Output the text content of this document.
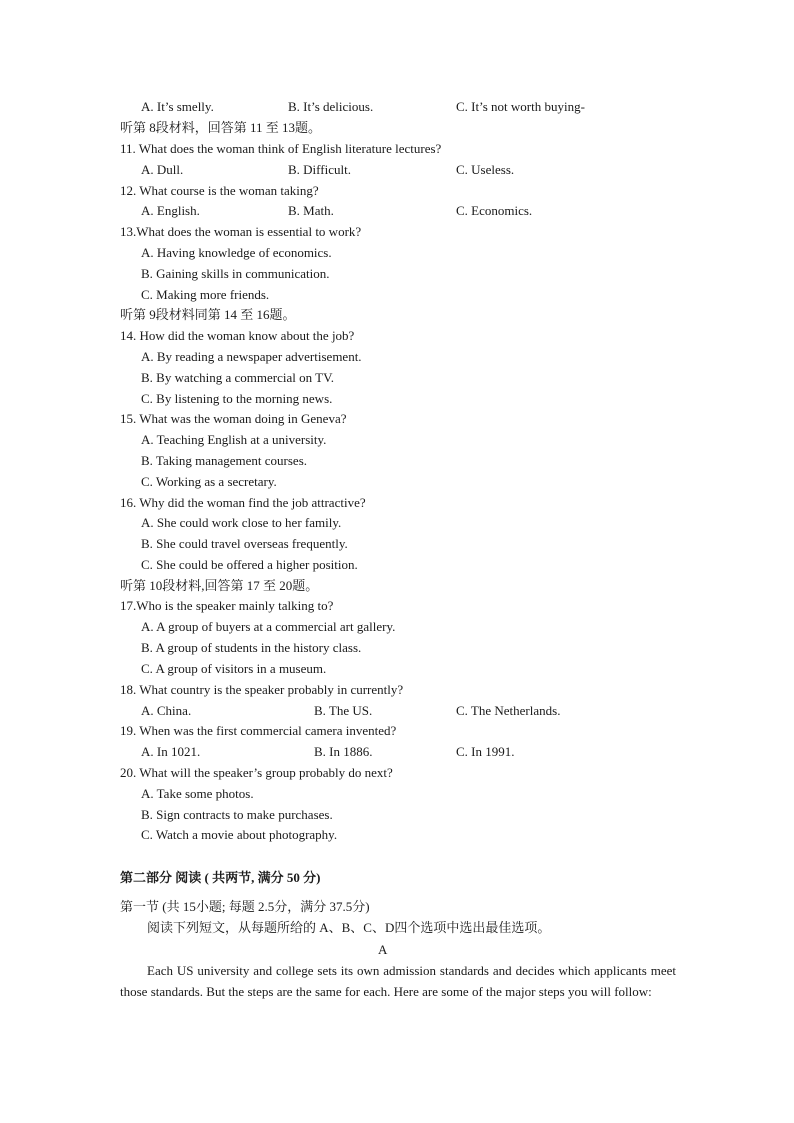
A. It’s smelly.	B. It’s delicious.	C. It’s not worth buying-
听第 8段材料，回答第 11 至 13题。
11. What does the woman think of English literature lectures?
A. Dull.	B. Difficult.	C. Useless.
12. What course is the woman taking?
A. English.	B. Math.	C. Economics.
13.What does the woman is essential to work?
A. Having knowledge of economics.
B. Gaining skills in communication.
C. Making more friends.
听第 9段材料同第 14 至 16题。
14. How did the woman know about the job?
A. By reading a newspaper advertisement.
B. By watching a commercial on TV.
C. By listening to the morning news.
15. What was the woman doing in Geneva?
A. Teaching English at a university.
B. Taking management courses.
C. Working as a secretary.
16. Why did the woman find the job attractive?
A. She could work close to her family.
B. She could travel overseas frequently.
C. She could be offered a higher position.
听第 10段材料,回答第 17 至 20题。
17.Who is the speaker mainly talking to?
A. A group of buyers at a commercial art gallery.
B. A group of students in the history class.
C. A group of visitors in a museum.
18. What country is the speaker probably in currently?
A. China.	B. The US.	C. The Netherlands.
19. When was the first commercial camera invented?
A. In 1021.	B. In 1886.	C. In 1991.
20. What will the speaker’s group probably do next?
A. Take some photos.
B. Sign contracts to make purchases.
C. Watch a movie about photography.
第二部分 阅读 ( 共两节, 满分 50 分)
第一节 (共 15小题; 每题 2.5分，满分 37.5分)
阅读下列短文，从每题所给的 A、B、C、D四个选项中选出最佳选项。
A
Each US university and college sets its own admission standards and decides which applicants meet those standards. But the steps are the same for each. Here are some of the major steps you will follow:
